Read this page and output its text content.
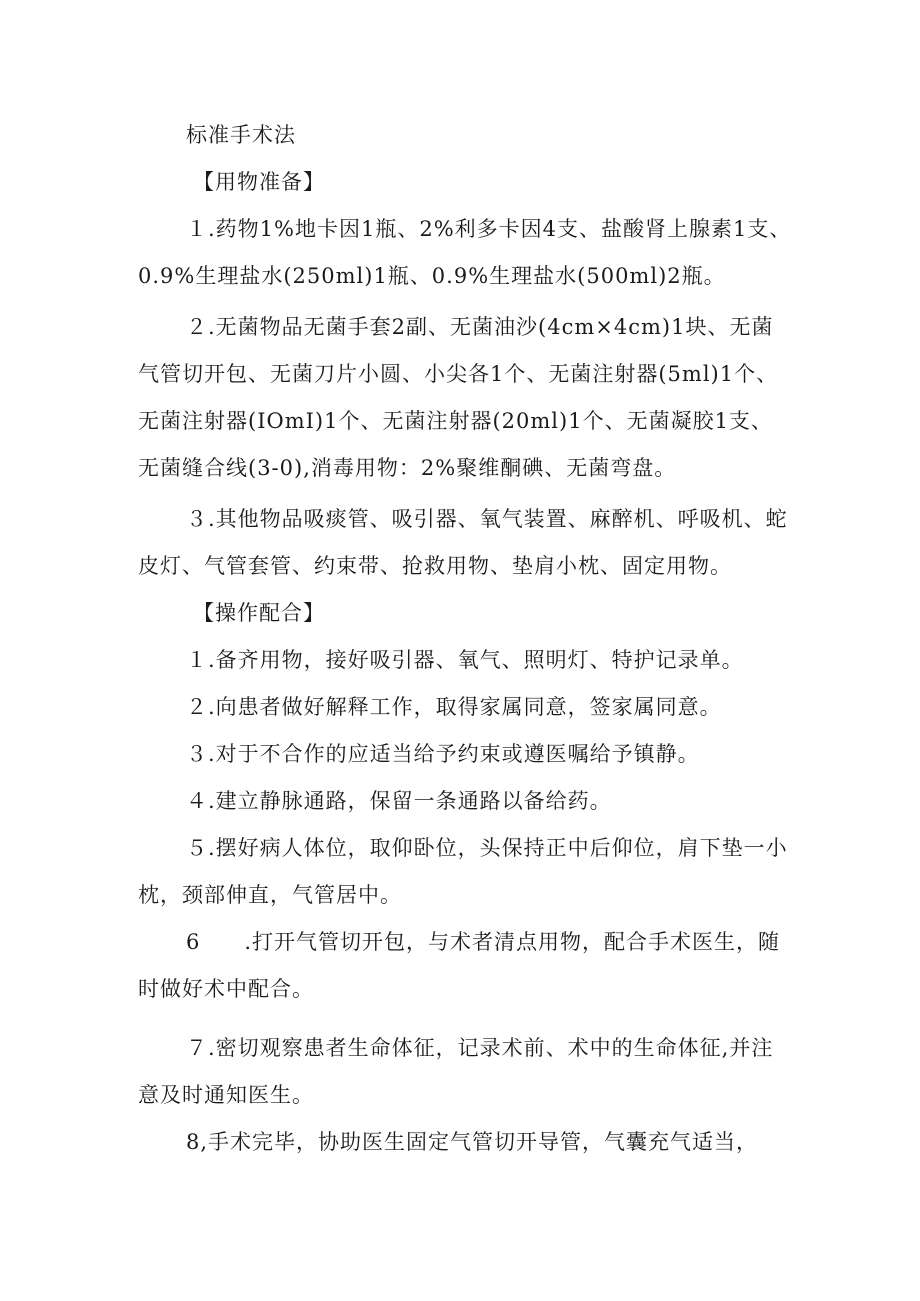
标准手术法

【用物准备】

１.药物1%地卡因1瓶、2%利多卡因4支、盐酸肾上腺素1支、0.9%生理盐水(250ml)1瓶、0.9%生理盐水(500ml)2瓶。

２.无菌物品无菌手套2副、无菌油沙(4cm×4cm)1块、无菌气管切开包、无菌刀片小圆、小尖各1个、无菌注射器(5ml)1个、无菌注射器(IOmI)1个、无菌注射器(20ml)1个、无菌凝胶1支、无菌缝合线(3-0),消毒用物：2%聚维酮碘、无菌弯盘。

３.其他物品吸痰管、吸引器、氧气装置、麻醉机、呼吸机、蛇皮灯、气管套管、约束带、抢救用物、垫肩小枕、固定用物。

【操作配合】

１.备齐用物，接好吸引器、氧气、照明灯、特护记录单。

２.向患者做好解释工作，取得家属同意，签家属同意。

３.对于不合作的应适当给予约束或遵医嘱给予镇静。

４.建立静脉通路，保留一条通路以备给药。

５.摆好病人体位，取仰卧位，头保持正中后仰位，肩下垫一小枕，颈部伸直，气管居中。

6　　.打开气管切开包，与术者清点用物，配合手术医生，随时做好术中配合。

７.密切观察患者生命体征，记录术前、术中的生命体征,并注意及时通知医生。

8,手术完毕，协助医生固定气管切开导管，气囊充气适当，
